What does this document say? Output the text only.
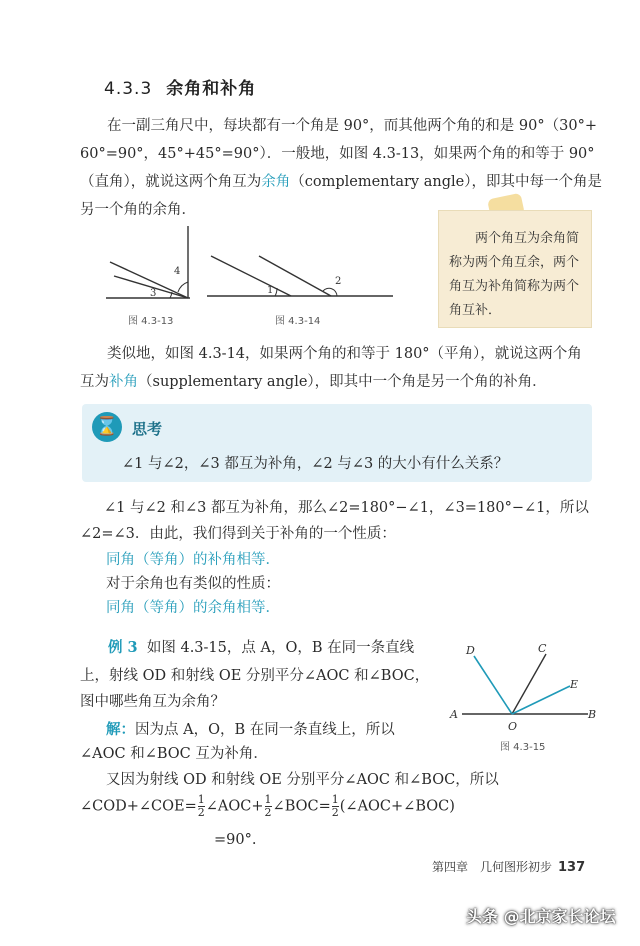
4.3.3 余角和补角
在一副三角尺中，每块都有一个角是 90°，而其他两个角的和是 90°（30°+
60°=90°，45°+45°=90°）．一般地，如图 4.3-13，如果两个角的和等于 90°
（直角），就说这两个角互为余角（complementary angle），即其中每一个角是
另一个角的余角．
两个角互为余角简
称为两个角互余，两个
角互为补角简称为两个
角互补．
4
3
图 4.3-13
1
2
图 4.3-14
类似地，如图 4.3-14，如果两个角的和等于 180°（平角），就说这两个角
互为补角（supplementary angle），即其中一个角是另一个角的补角．
⌛ 思考
∠1 与∠2，∠3 都互为补角，∠2 与∠3 的大小有什么关系？
∠1 与∠2 和∠3 都互为补角，那么∠2=180°−∠1，∠3=180°−∠1，所以
∠2=∠3．由此，我们得到关于补角的一个性质：
同角（等角）的补角相等．
对于余角也有类似的性质：
同角（等角）的余角相等．
例 3 如图 4.3-15，点 A，O，B 在同一条直线
上，射线 OD 和射线 OE 分别平分∠AOC 和∠BOC，
图中哪些角互为余角？
解：因为点 A，O，B 在同一条直线上，所以
∠AOC 和∠BOC 互为补角．
又因为射线 OD 和射线 OE 分别平分∠AOC 和∠BOC，所以
∠COD+∠COE= $\frac{1}{2}$ ∠AOC+ $\frac{1}{2}$ ∠BOC= $\frac{1}{2}$ (∠AOC+∠BOC)
=90°.
D	C
E
A
O
B
图 4.3-15
第四章　几何图形初步 137
头条 @北京家长论坛
